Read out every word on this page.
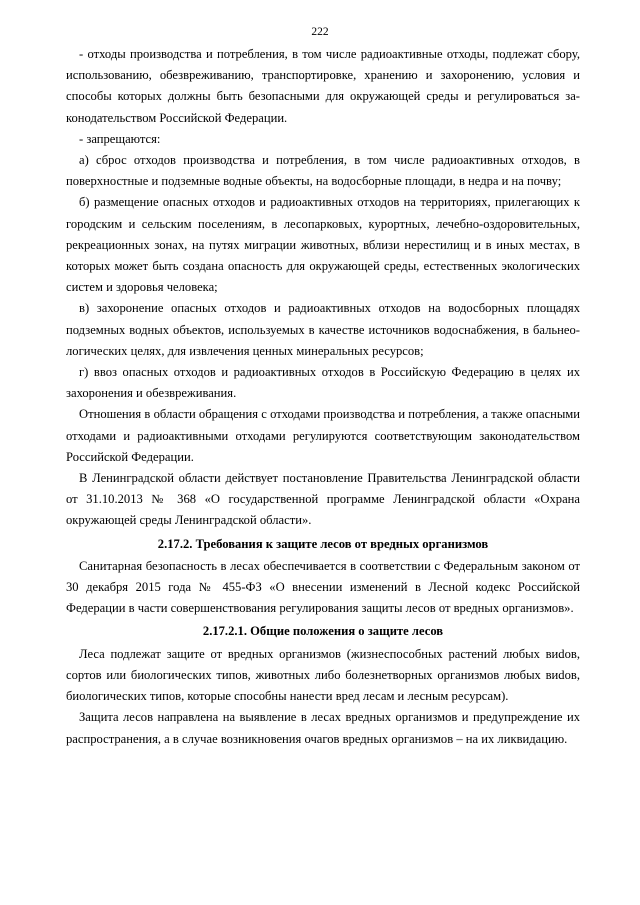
222

- отходы производства и потребления, в том числе радиоактивные отходы, подлежат сбору, использованию, обезвреживанию, транспортировке, хранению и захоронению, условия и способы которых должны быть безопасными для окружающей среды и регулироваться законодательством Российской Федерации.

- запрещаются:

а) сброс отходов производства и потребления, в том числе радиоактивных отходов, в поверхностные и подземные водные объекты, на водосборные площади, в недра и на почву;

б) размещение опасных отходов и радиоактивных отходов на территориях, прилегающих к городским и сельским поселениям, в лесопарковых, курортных, лечебно-оздоровительных, рекреационных зонах, на путях миграции животных, вблизи нерестилищ и в иных местах, в которых может быть создана опасность для окружающей среды, естественных экологических систем и здоровья человека;

в) захоронение опасных отходов и радиоактивных отходов на водосборных площадях подземных водных объектов, используемых в качестве источников водоснабжения, в бальнеологических целях, для извлечения ценных минеральных ресурсов;

г) ввоз опасных отходов и радиоактивных отходов в Российскую Федерацию в целях их захоронения и обезвреживания.

Отношения в области обращения с отходами производства и потребления, а также опасными отходами и радиоактивными отходами регулируются соответствующим законодательством Российской Федерации.

В Ленинградской области действует постановление Правительства Ленинградской области от 31.10.2013 № 368 «О государственной программе Ленинградской области «Охрана окружающей среды Ленинградской области».

2.17.2. Требования к защите лесов от вредных организмов

Санитарная безопасность в лесах обеспечивается в соответствии с Федеральным законом от 30 декабря 2015 года № 455-ФЗ «О внесении изменений в Лесной кодекс Российской Федерации в части совершенствования регулирования защиты лесов от вредных организмов».

2.17.2.1. Общие положения о защите лесов

Леса подлежат защите от вредных организмов (жизнеспособных растений любых виdов, сортов или биологических типов, животных либо болезнетворных организмов любых виdов, биологических типов, которые способны нанести вред лесам и лесным ресурсам).

Защита лесов направлена на выявление в лесах вредных организмов и предупреждение их распространения, а в случае возникновения очагов вредных организмов – на их ликвидацию.
